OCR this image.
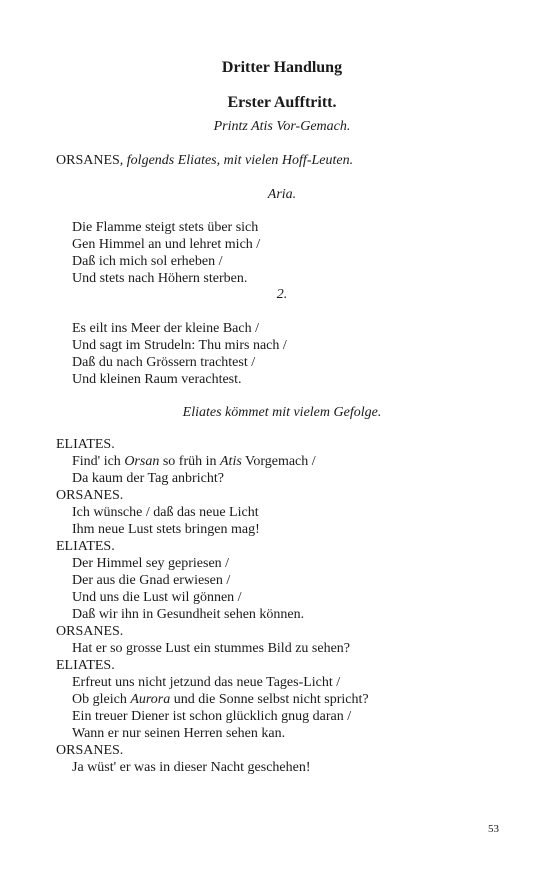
Dritter Handlung
Erster Aufftritt.
Printz Atis Vor-Gemach.
ORSANES, folgends Eliates, mit vielen Hoff-Leuten.
Aria.
Die Flamme steigt stets über sich
Gen Himmel an und lehret mich /
Daß ich mich sol erheben /
Und stets nach Höhern sterben.
2.
Es eilt ins Meer der kleine Bach /
Und sagt im Strudeln: Thu mirs nach /
Daß du nach Grössern trachtest /
Und kleinen Raum verachtest.
Eliates kömmet mit vielem Gefolge.
ELIATES.
Find' ich Orsan so früh in Atis Vorgemach /
Da kaum der Tag anbricht?
ORSANES.
Ich wünsche / daß das neue Licht
Ihm neue Lust stets bringen mag!
ELIATES.
Der Himmel sey gepriesen /
Der aus die Gnad erwiesen /
Und uns die Lust wil gönnen /
Daß wir ihn in Gesundheit sehen können.
ORSANES.
Hat er so grosse Lust ein stummes Bild zu sehen?
ELIATES.
Erfreut uns nicht jetzund das neue Tages-Licht /
Ob gleich Aurora und die Sonne selbst nicht spricht?
Ein treuer Diener ist schon glücklich gnug daran /
Wann er nur seinen Herren sehen kan.
ORSANES.
Ja wüst' er was in dieser Nacht geschehen!
53
